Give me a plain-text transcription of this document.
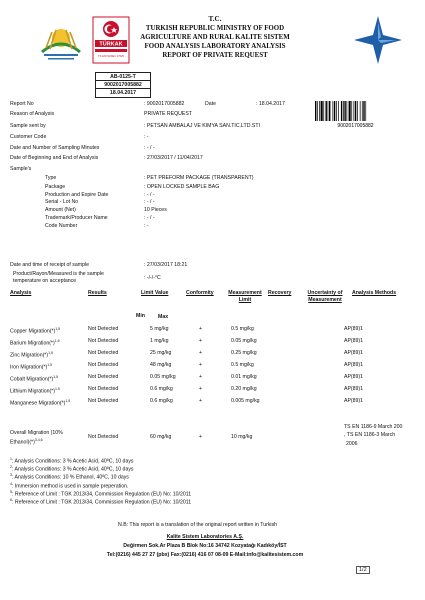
T.C.
TURKISH REPUBLIC MINISTRY OF FOOD
AGRICULTURE AND RURAL KALITE SISTEM
FOOD ANALYSIS LABORATORY ANALYSIS
REPORT OF PRIVATE REQUEST
TÜRKAK
TS EN ISO/IEC 17025
AB-0125-T
9002017005882
18.04.2017
Report No	: 9002017005882	Date	: 18.04.2017
9002017005882
Reason of Analysis	PRIVATE REQUEST
Sample sent by	: PETSAN AMBALAJ VE KIMYA SAN.TIC.LTD.STI
Customer Code	: -
Date and Number of Sampling Minutes	: - / -
Date of Beginning and End of Analysis	: 27/03/2017 / 11/04/2017
Sample's
Type	: PET PREFORM PACKAGE (TRANSPARENT)
Package	: OPEN LOCKED SAMPLE BAG
Production and Expire Date	: - / -
Serial - Lot No	: - / -
Amount (Net)	10 Pieces
Trademark/Producer Name	: - / -
Code Number	: -
Date and time of receipt of sample	: 27/03/2017 18:21
Product/Rayon/Measured is the sample
temperature on acceptance	: -/-/-°C
Analysis	Results	Limit Value	Conformity	Measurement
Limit
Recovery	Uncertainty of
Measurement
Analysis Methods
Min	Max
Copper $Migration(*)^{1,5}$	Not Detected	5 mg/kg	+	0.5 mg/kg	AP(89)1
Barium $Migration(*)^{1,6}$	Not Detected	1 mg/kg	+	0.05 mg/kg	AP(89)1
Zinc $Migration(*)^{1,5}$	Not Detected	25 mg/kg	+	0.25 mg/kg	AP(89)1
Iron $Migration(*)^{1,5}$	Not Detected	48 mg/kg	+	0.5 mg/kg	AP(89)1
Cobalt $Migration(*)^{1,5}$	Not Detected	0.05 mg/kg	+	0.01 mg/kg	AP(89)1
Lithium $Migration(*)^{1,5}$	Not Detected	0.6 mg/kg	+	0.20 mg/kg	AP(89)1
Manganese $Migration(*)^{1,5}$	Not Detected	0.6 mg/kg	+	0.005 mg/kg	AP(89)1
Overall Migration (10%
$Ethanol)(*)^{3,4,6}$	Not Detected	60 mg/kg	+	10 mg/kg
TS EN 1186-9 March 200
, TS EN 1186-3 March
2006
$^1$: Analysis Conditions: 3 % Acetic Acid, 40ºC, 10 days
$^2$: Analysis Conditions: 3 % Acetic Acid, 40ºC, 10 days
$^3$: Analysis Conditions: 10 % Ethanol, 40ºC, 10 days
$^4$: Immersion method is used in sample preperation.
$^5$: Reference of Limit : TGK 2013/34, Commission Regulation (EU) No: 10/2011
$^6$: Reference of Limit : TGK 2013/34, Commission Regulation (EU) No: 10/2011
N.B: This report is a translation of the original report written in Turkish
Kalite Sistem Laboratories A.Ş.
Değirmen Sok.Ar Plaza B Blok No:16 34742 Kozyatağı Kadıköy/İST
Tel:(0216) 445 27 27 (pbx) Fax:(0216) 416 07 08-09 E-Mail:info@kalitesistem.com
1/2
